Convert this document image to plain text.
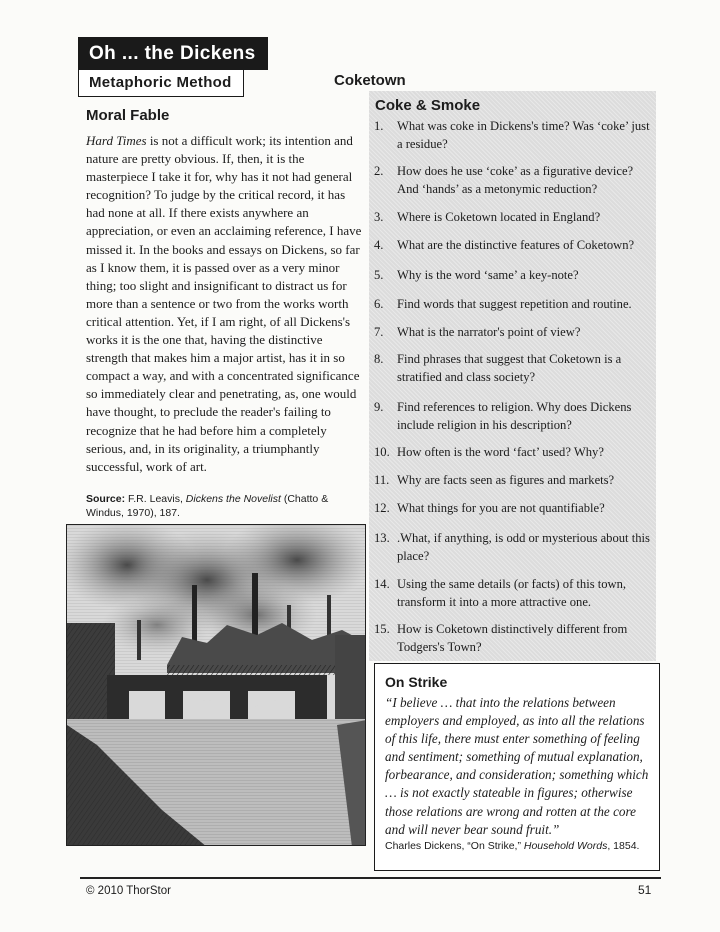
Oh ... the Dickens
Metaphoric Method	Coketown
Moral Fable

Hard Times is not a difficult work; its intention and nature are pretty obvious. If, then, it is the masterpiece I take it for, why has it not had general recognition? To judge by the critical record, it has had none at all. If there exists anywhere an appreciation, or even an acclaiming reference, I have missed it. In the books and essays on Dickens, so far as I know them, it is passed over as a very minor thing; too slight and insignificant to distract us for more than a sentence or two from the works worth critical attention. Yet, if I am right, of all Dickens's works it is the one that, having the distinctive strength that makes him a major artist, has it in so compact a way, and with a concentrated significance so immediately clear and penetrating, as, one would have thought, to preclude the reader's failing to recognize that he had before him a completely serious, and, in its originality, a triumphantly successful, work of art.

Source: F.R. Leavis, Dickens the Novelist (Chatto & Windus, 1970), 187.
Coke & Smoke
1.	What was coke in Dickens's time? Was ‘coke’ just a residue?
2.	How does he use ‘coke’ as a figurative device? And ‘hands’ as a metonymic reduction?
3.	Where is Coketown located in England?
4.	What are the distinctive features of Coketown?
5.	Why is the word ‘same’ a key-note?
6.	Find words that suggest repetition and routine.
7.	What is the narrator's point of view?
8.	Find phrases that suggest that Coketown is a stratified and class society?
9.	Find references to religion. Why does Dickens include religion in his description?
10. How often is the word ‘fact’ used? Why?
11. Why are facts seen as figures and markets?
12. What things for you are not quantifiable?
13. .What, if anything, is odd or mysterious about this place?
14. Using the same details (or facts) of this town, transform it into a more attractive one.
15. How is Coketown distinctively different from Todgers's Town?
On Strike
“I believe … that into the relations between employers and employed, as into all the relations of this life, there must enter something of feeling and sentiment; something of mutual explanation, forbearance, and consideration; something which … is not exactly stateable in figures; otherwise those relations are wrong and rotten at the core and will never bear sound fruit.”
Charles Dickens, “On Strike,” Household Words, 1854.
© 2010 ThorStor	51
